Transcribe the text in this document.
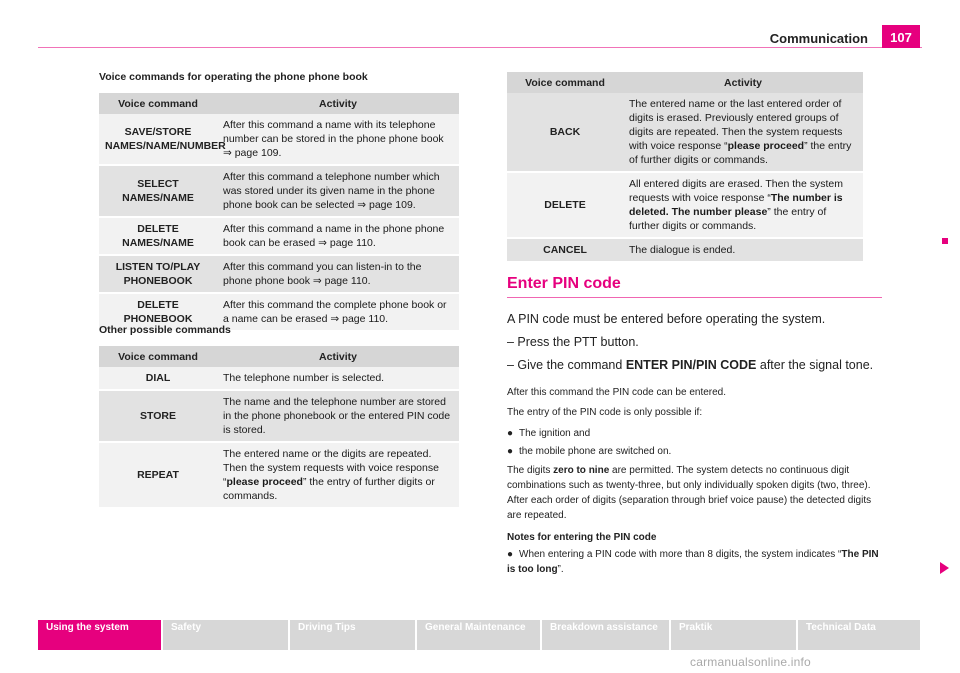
Communication	107
Voice commands for operating the phone phone book
Voice command	Activity
SAVE/STORE NAMES/NAME/NUMBER	After this command a name with its telephone number can be stored in the phone phone book ⇒ page 109.
SELECT NAMES/NAME	After this command a telephone number which was stored under its given name in the phone phone book can be selected ⇒ page 109.
DELETE NAMES/NAME	After this command a name in the phone phone book can be erased ⇒ page 110.
LISTEN TO/PLAY PHONEBOOK	After this command you can listen-in to the phone phone book ⇒ page 110.
DELETE PHONEBOOK	After this command the complete phone book or a name can be erased ⇒ page 110.
Other possible commands
Voice command	Activity
DIAL	The telephone number is selected.
STORE	The name and the telephone number are stored in the phone phonebook or the entered PIN code is stored.
REPEAT	The entered name or the digits are repeated. Then the system requests with voice response “please proceed” the entry of further digits or commands.
Voice command	Activity
BACK	The entered name or the last entered order of digits is erased. Previously entered groups of digits are repeated. Then the system requests with voice response “please proceed” the entry of further digits or commands.
DELETE	All entered digits are erased. Then the system requests with voice response “The number is deleted. The number please” the entry of further digits or commands.
CANCEL	The dialogue is ended.
Enter PIN code
A PIN code must be entered before operating the system.
– Press the PTT button.
– Give the command ENTER PIN/PIN CODE after the signal tone.
After this command the PIN code can be entered.
The entry of the PIN code is only possible if:
● The ignition and
● the mobile phone are switched on.
The digits zero to nine are permitted. The system detects no continuous digit combinations such as twenty-three, but only individually spoken digits (two, three). After each order of digits (separation through brief voice pause) the detected digits are repeated.
Notes for entering the PIN code
● When entering a PIN code with more than 8 digits, the system indicates “The PIN is too long”.
Using the system	Safety	Driving Tips	General Maintenance	Breakdown assistance	Praktik	Technical Data
carmanualsonline.info
